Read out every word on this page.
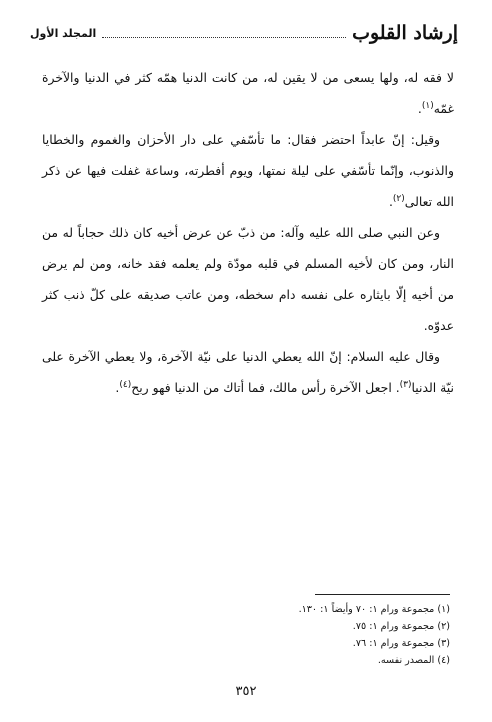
إرشاد القلوب
المجلد الأول

لا فقه له، ولها يسعى من لا يقين له، من كانت الدنيا همّه كثر في الدنيا والآخرة غمّه$^{(١)}$.

وقيل: إنّ عابداً احتضر فقال: ما تأسّفي على دار الأحزان والغموم والخطايا والذنوب، وإنّما تأسّفي على ليلة نمتها، ويوم أفطرته، وساعة غفلت فيها عن ذكر الله تعالى$^{(٢)}$.

وعن النبي صلى الله عليه وآله: من ذبّ عن عرض أخيه كان ذلك حجاباً له من النار، ومن كان لأخيه المسلم في قلبه مودّة ولم يعلمه فقد خانه، ومن لم يرض من أخيه إلّا بايثاره على نفسه دام سخطه، ومن عاتب صديقه على كلّ ذنب كثر عدوّه.

وقال عليه السلام: إنّ الله يعطي الدنيا على نيّة الآخرة، ولا يعطي الآخرة على نيّة الدنيا$^{(٣)}$. اجعل الآخرة رأس مالك، فما أتاك من الدنيا فهو ربح$^{(٤)}$.

(١) مجموعة ورام ١: ٧٠ وأيضاً ١: ١٣٠.
(٢) مجموعة ورام ١: ٧٥.
(٣) مجموعة ورام ١: ٧٦.
(٤) المصدر نفسه.
٣٥٢
